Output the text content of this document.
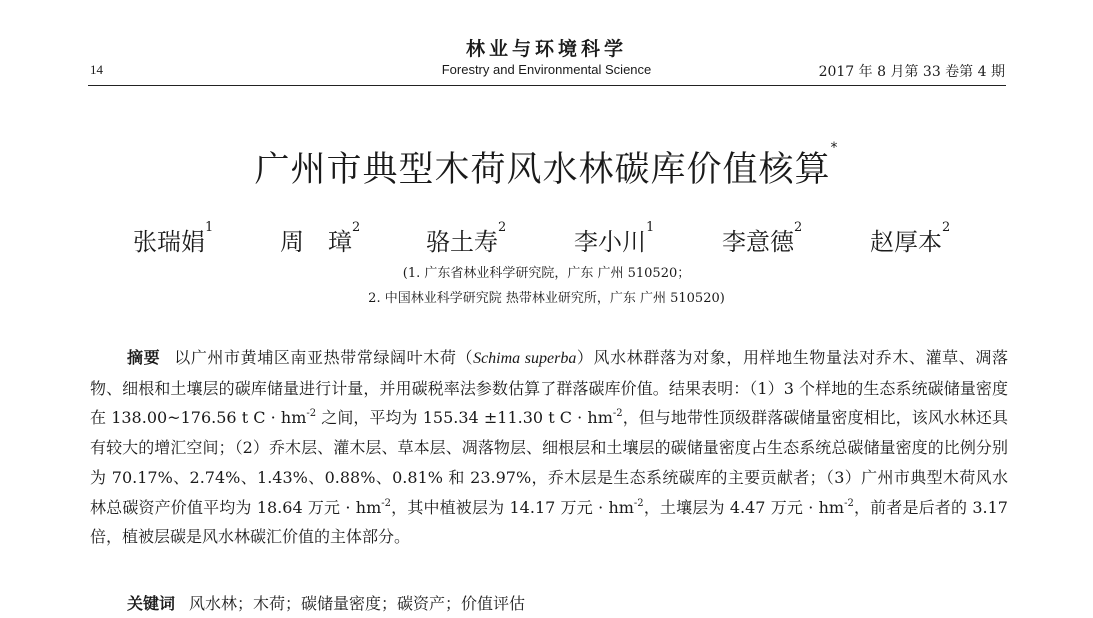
林业与环境科学
Forestry and Environmental Science
14	2017 年 8 月第 33 卷第 4 期
广州市典型木荷风水林碳库价值核算*
张瑞娟$^1$
周　璋$^2$
骆土寿$^2$
李小川$^1$
李意德$^2$
赵厚本$^2$
(1. 广东省林业科学研究院，广东 广州 510520；
2. 中国林业科学研究院 热带林业研究所，广东 广州 510520)
摘要 以广州市黄埔区南亚热带常绿阔叶木荷（Schima superba）风水林群落为对象，用样地生物量法对乔木、灌草、凋落物、细根和土壤层的碳库储量进行计量，并用碳税率法参数估算了群落碳库价值。结果表明：（1）3 个样地的生态系统碳储量密度在 138.00~176.56 t $C \cdot hm^{-2}$ 之间，平均为 155.34 ±11.30 t $C \cdot hm^{-2}$，但与地带性顶级群落碳储量密度相比，该风水林还具有较大的增汇空间；（2）乔木层、灌木层、草本层、凋落物层、细根层和土壤层的碳储量密度占生态系统总碳储量密度的比例分别为 70.17%、2.74%、1.43%、0.88%、0.81% 和 23.97%，乔木层是生态系统碳库的主要贡献者；（3）广州市典型木荷风水林总碳资产价值平均为 18.64 万元 · $hm^{-2}$，其中植被层为 14.17 万元 · $hm^{-2}$，土壤层为 4.47 万元 · $hm^{-2}$，前者是后者的 3.17 倍，植被层碳是风水林碳汇价值的主体部分。
关键词 风水林；木荷；碳储量密度；碳资产；价值评估
